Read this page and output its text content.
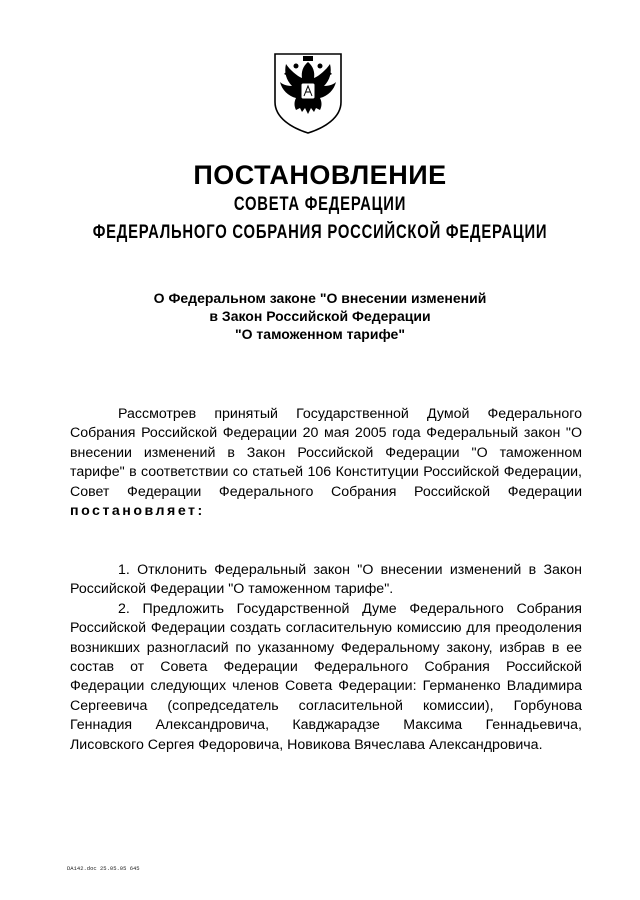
ПОСТАНОВЛЕНИЕ
СОВЕТА ФЕДЕРАЦИИ
ФЕДЕРАЛЬНОГО СОБРАНИЯ РОССИЙСКОЙ ФЕДЕРАЦИИ
О Федеральном законе "О внесении изменений
в Закон Российской Федерации
"О таможенном тарифе"

Рассмотрев принятый Государственной Думой Федерального Собрания Российской Федерации 20 мая 2005 года Федеральный закон "О внесении изменений в Закон Российской Федерации "О таможенном тарифе" в соответствии со статьей 106 Конституции Российской Федерации, Совет Федерации Федерального Собрания Российской Федерации постановляет:

1. Отклонить Федеральный закон "О внесении изменений в Закон Российской Федерации "О таможенном тарифе".

2. Предложить Государственной Думе Федерального Собрания Российской Федерации создать согласительную комиссию для преодоления возникших разногласий по указанному Федеральному закону, избрав в ее состав от Совета Федерации Федерального Собрания Российской Федерации следующих членов Совета Федерации: Германенко Владимира Сергеевича (сопредседатель согласительной комиссии), Горбунова Геннадия Александровича, Кавджарадзе Максима Геннадьевича, Лисовского Сергея Федоровича, Новикова Вячеслава Александровича.

DA142.doc 25.05.05 645
